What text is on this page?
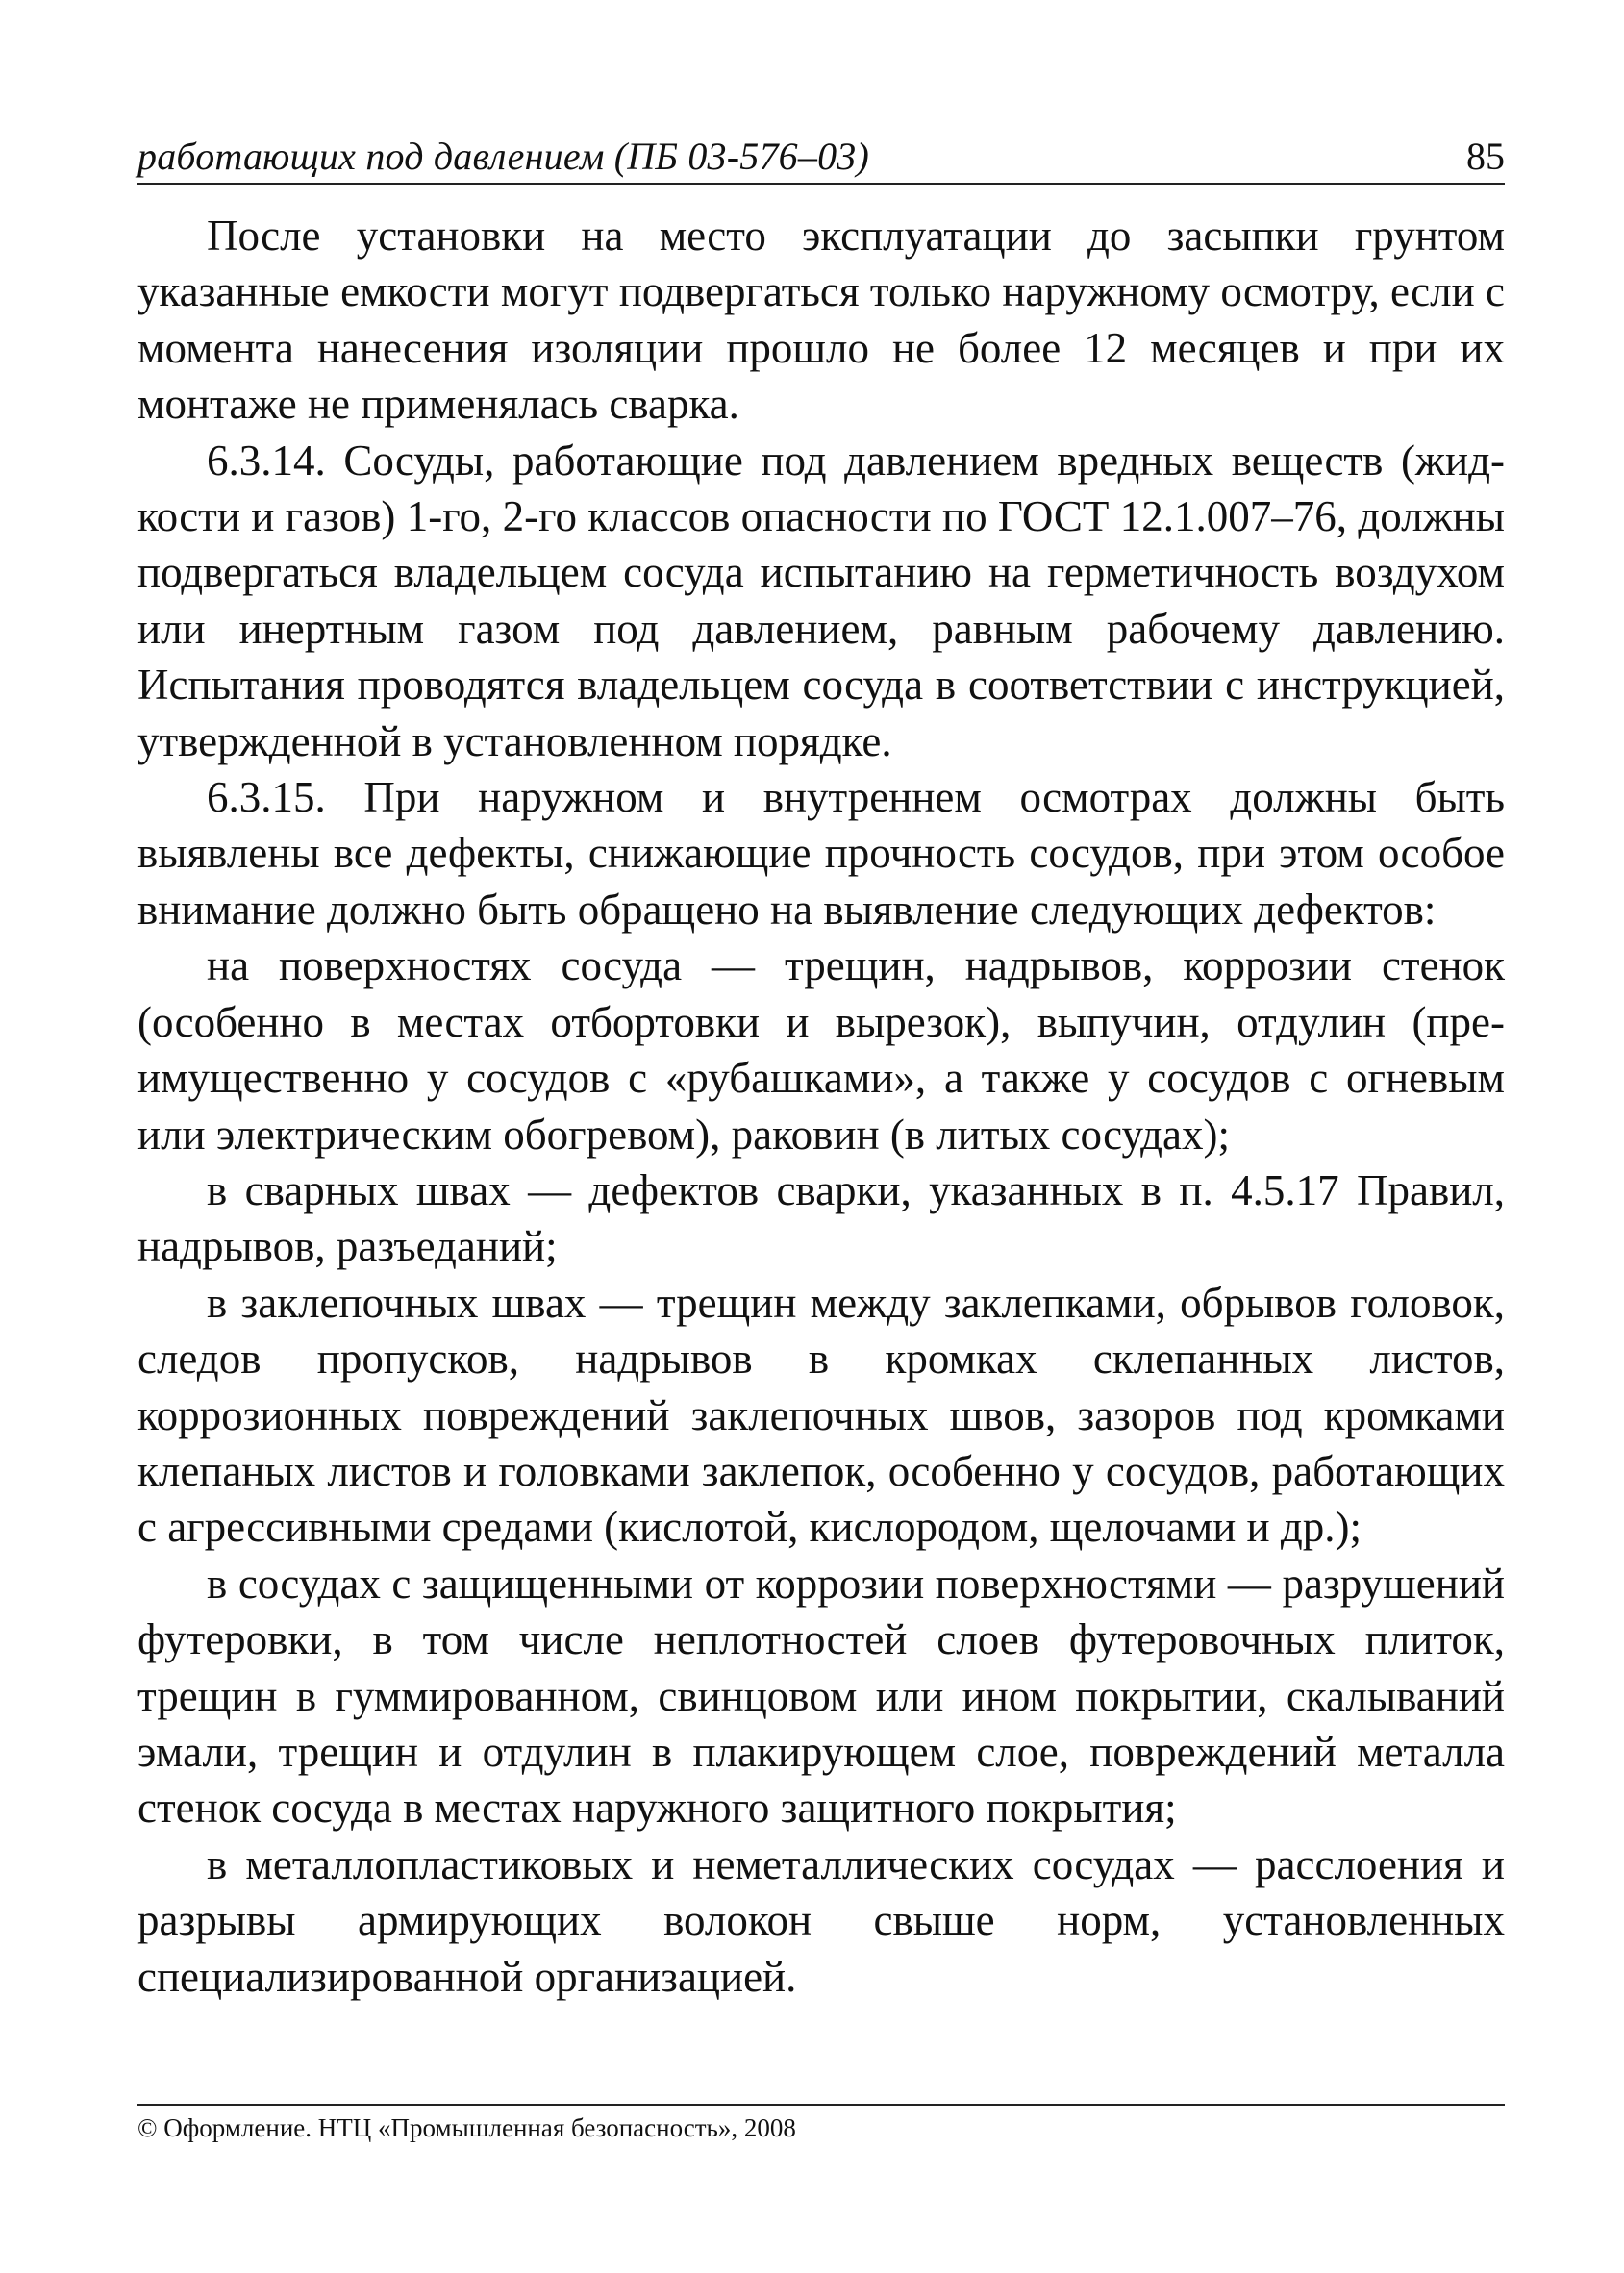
работающих под давлением (ПБ 03-576–03)	85

После установки на место эксплуатации до засыпки грунтом указанные емкости могут подвергаться только наружному осмотру, если с момента нанесения изоляции прошло не более 12 месяцев и при их монтаже не применялась сварка.

6.3.14. Сосуды, работающие под давлением вредных веществ (жидкости и газов) 1-го, 2-го классов опасности по ГОСТ 12.1.007–76, должны подвергаться владельцем сосуда испытанию на герметичность воздухом или инертным газом под давлением, равным рабочему давлению. Испытания проводятся владельцем сосуда в соответствии с инструкцией, утвержденной в установленном порядке.

6.3.15. При наружном и внутреннем осмотрах должны быть выявлены все дефекты, снижающие прочность сосудов, при этом особое внимание должно быть обращено на выявление следующих дефектов:

на поверхностях сосуда — трещин, надрывов, коррозии стенок (особенно в местах отбортовки и вырезок), выпучин, отдулин (преимущественно у сосудов с «рубашками», а также у сосудов с огневым или электрическим обогревом), раковин (в литых сосудах);

в сварных швах — дефектов сварки, указанных в п. 4.5.17 Правил, надрывов, разъеданий;

в заклепочных швах — трещин между заклепками, обрывов головок, следов пропусков, надрывов в кромках склепанных листов, коррозионных повреждений заклепочных швов, зазоров под кромками клепаных листов и головками заклепок, особенно у сосудов, работающих с агрессивными средами (кислотой, кислородом, щелочами и др.);

в сосудах с защищенными от коррозии поверхностями — разрушений футеровки, в том числе неплотностей слоев футеровочных плиток, трещин в гуммированном, свинцовом или ином покрытии, скалываний эмали, трещин и отдулин в плакирующем слое, повреждений металла стенок сосуда в местах наружного защитного покрытия;

в металлопластиковых и неметаллических сосудах — расслоения и разрывы армирующих волокон свыше норм, установленных специализированной организацией.

© Оформление. НТЦ «Промышленная безопасность», 2008
